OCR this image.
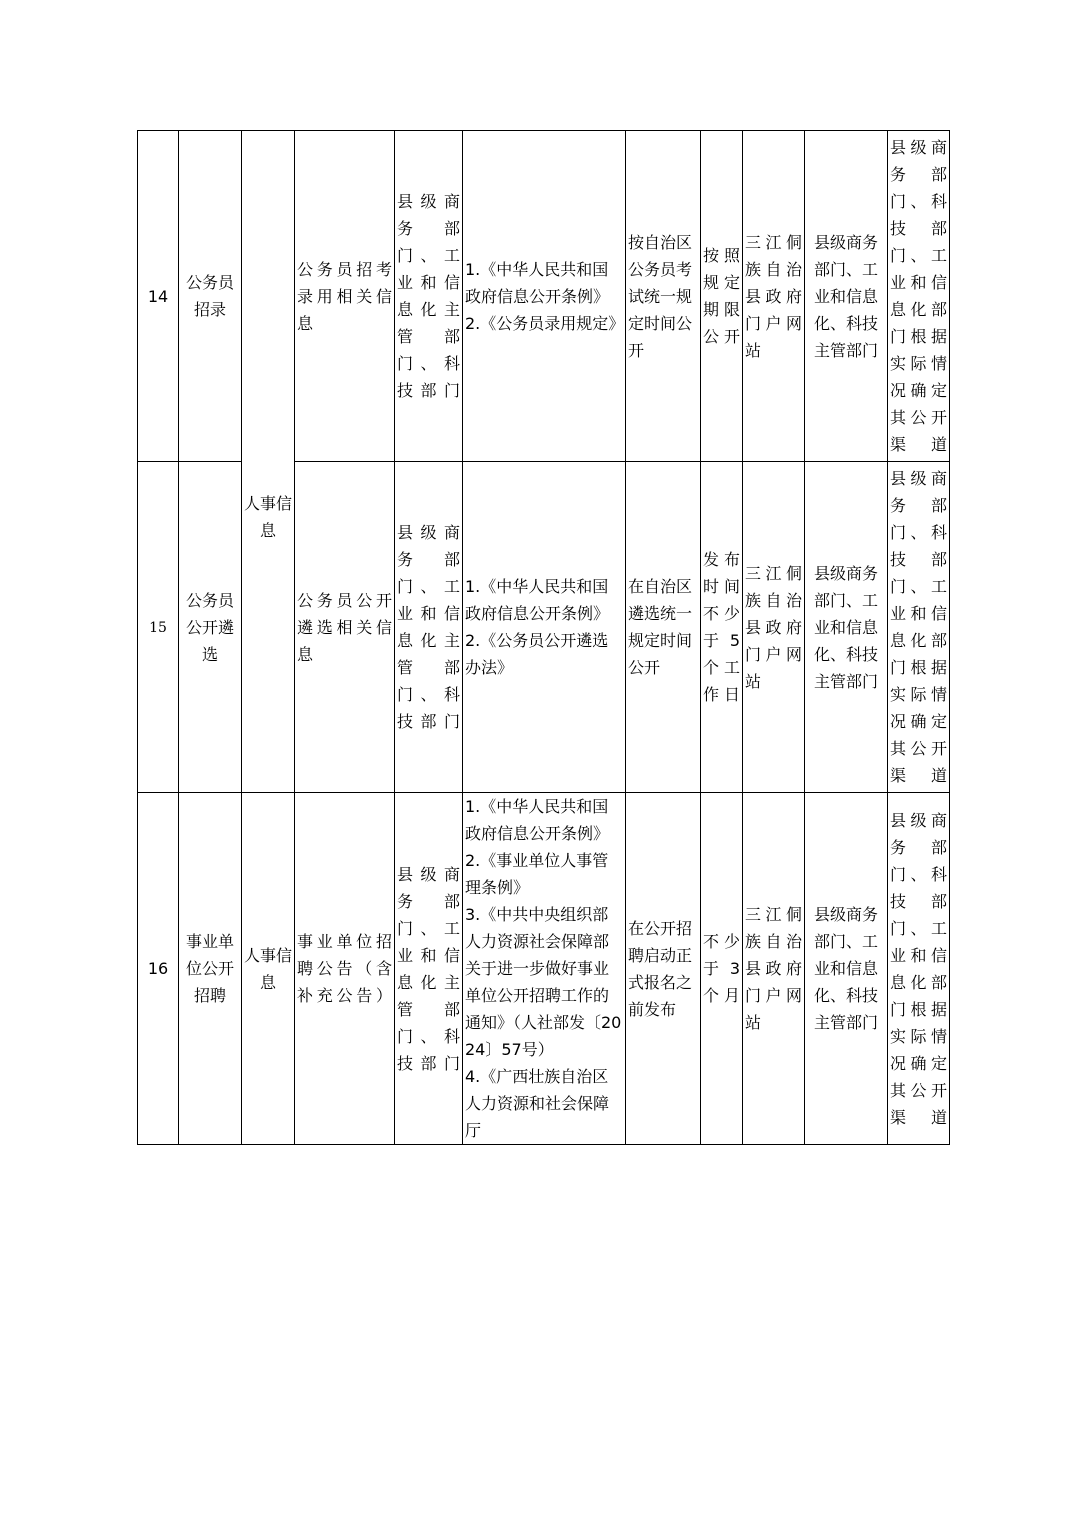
14	公务员招录	人事信息	公务员招考录用相关信息	县级商务部门、工业和信息化主管部门、科技部门	1.《中华人民共和国政府信息公开条例》
2.《公务员录用规定》	按自治区公务员考试统一规定时间公开	按照规定期限公开	三江侗族自治县政府门户网站	县级商务部门、工业和信息化、科技主管部门	县级商务部门、科技部门、工业和信息化部门根据实际情况确定其公开渠道
15	公务员公开遴选		公务员公开遴选相关信息	县级商务部门、工业和信息化主管部门、科技部门	1.《中华人民共和国政府信息公开条例》
2.《公务员公开遴选办法》	在自治区遴选统一规定时间公开	发布时间不少于5个工作日	三江侗族自治县政府门户网站	县级商务部门、工业和信息化、科技主管部门	县级商务部门、科技部门、工业和信息化部门根据实际情况确定其公开渠道
16	事业单位公开招聘	人事信息	事业单位招聘公告（含补充公告）	县级商务部门、工业和信息化主管部门、科技部门	1.《中华人民共和国政府信息公开条例》
2.《事业单位人事管理条例》
3.《中共中央组织部人力资源社会保障部关于进一步做好事业单位公开招聘工作的通知》（人社部发〔2024〕57号）
4.《广西壮族自治区人力资源和社会保障厅	在公开招聘启动正式报名之前发布	不少于3个月	三江侗族自治县政府门户网站	县级商务部门、工业和信息化、科技主管部门	县级商务部门、科技部门、工业和信息化部门根据实际情况确定其公开渠道
